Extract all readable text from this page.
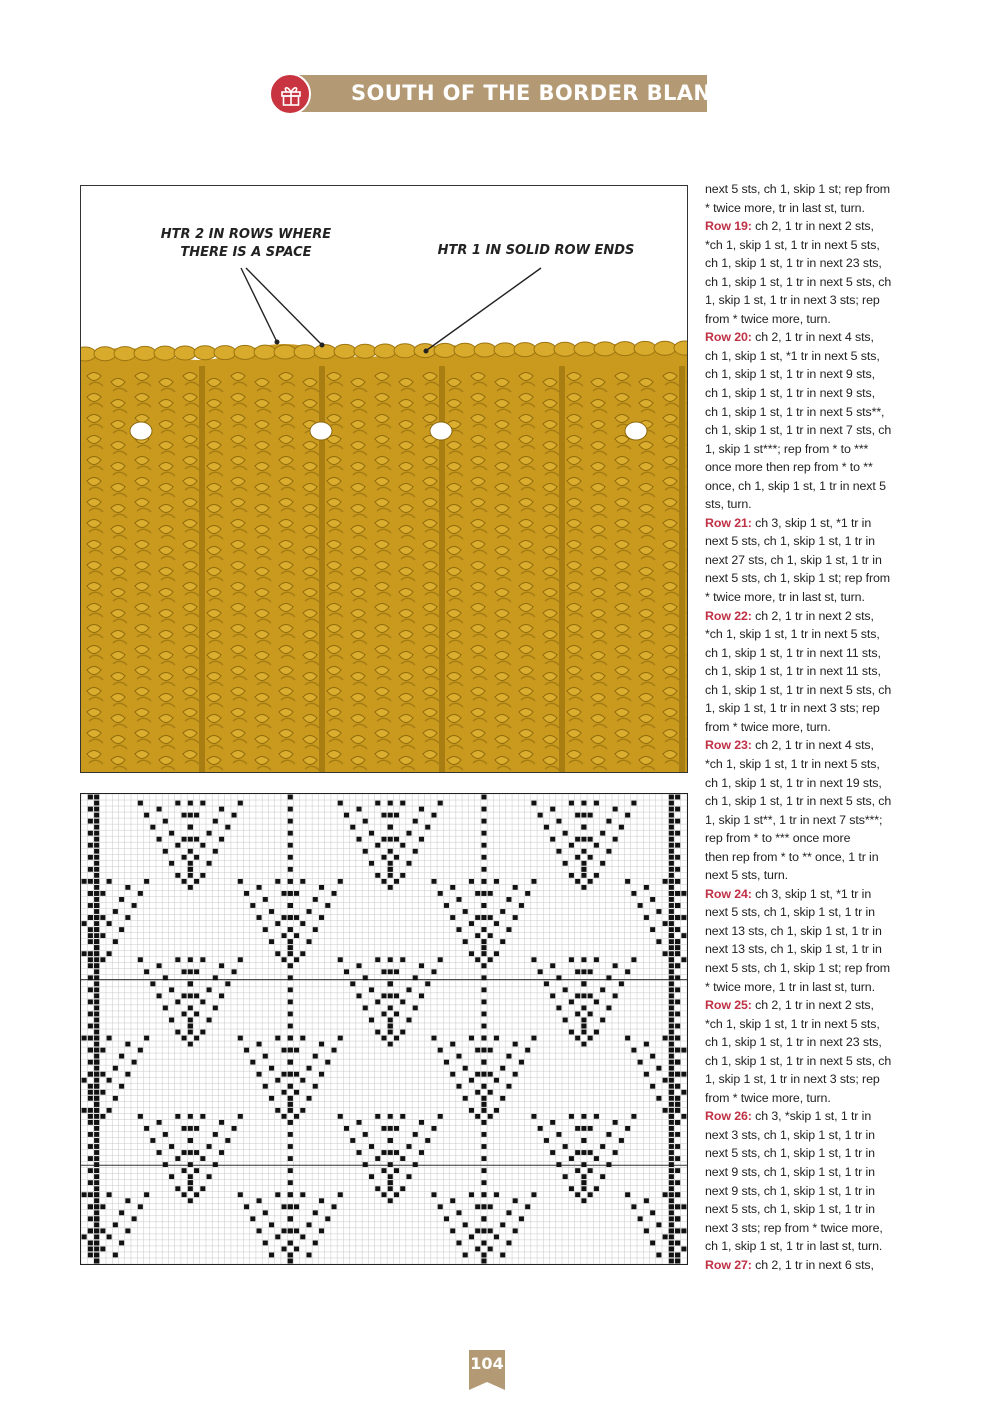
SOUTH OF THE BORDER BLANKET
HTR 2 IN ROWS WHERE
THERE IS A SPACE	HTR 1 IN SOLID ROW ENDS
next 5 sts, ch 1, skip 1 st; rep from
* twice more, tr in last st, turn.
Row 19: ch 2, 1 tr in next 2 sts,
*ch 1, skip 1 st, 1 tr in next 5 sts,
ch 1, skip 1 st, 1 tr in next 23 sts,
ch 1, skip 1 st, 1 tr in next 5 sts, ch
1, skip 1 st, 1 tr in next 3 sts; rep
from * twice more, turn.
Row 20: ch 2, 1 tr in next 4 sts,
ch 1, skip 1 st, *1 tr in next 5 sts,
ch 1, skip 1 st, 1 tr in next 9 sts,
ch 1, skip 1 st, 1 tr in next 9 sts,
ch 1, skip 1 st, 1 tr in next 5 sts**,
ch 1, skip 1 st, 1 tr in next 7 sts, ch
1, skip 1 st***; rep from * to ***
once more then rep from * to **
once, ch 1, skip 1 st, 1 tr in next 5
sts, turn.
Row 21: ch 3, skip 1 st, *1 tr in
next 5 sts, ch 1, skip 1 st, 1 tr in
next 27 sts, ch 1, skip 1 st, 1 tr in
next 5 sts, ch 1, skip 1 st; rep from
* twice more, tr in last st, turn.
Row 22: ch 2, 1 tr in next 2 sts,
*ch 1, skip 1 st, 1 tr in next 5 sts,
ch 1, skip 1 st, 1 tr in next 11 sts,
ch 1, skip 1 st, 1 tr in next 11 sts,
ch 1, skip 1 st, 1 tr in next 5 sts, ch
1, skip 1 st, 1 tr in next 3 sts; rep
from * twice more, turn.
Row 23: ch 2, 1 tr in next 4 sts,
*ch 1, skip 1 st, 1 tr in next 5 sts,
ch 1, skip 1 st, 1 tr in next 19 sts,
ch 1, skip 1 st, 1 tr in next 5 sts, ch
1, skip 1 st**, 1 tr in next 7 sts***;
rep from * to *** once more
then rep from * to ** once, 1 tr in
next 5 sts, turn.
Row 24: ch 3, skip 1 st, *1 tr in
next 5 sts, ch 1, skip 1 st, 1 tr in
next 13 sts, ch 1, skip 1 st, 1 tr in
next 13 sts, ch 1, skip 1 st, 1 tr in
next 5 sts, ch 1, skip 1 st; rep from
* twice more, 1 tr in last st, turn.
Row 25: ch 2, 1 tr in next 2 sts,
*ch 1, skip 1 st, 1 tr in next 5 sts,
ch 1, skip 1 st, 1 tr in next 23 sts,
ch 1, skip 1 st, 1 tr in next 5 sts, ch
1, skip 1 st, 1 tr in next 3 sts; rep
from * twice more, turn.
Row 26: ch 3, *skip 1 st, 1 tr in
next 3 sts, ch 1, skip 1 st, 1 tr in
next 5 sts, ch 1, skip 1 st, 1 tr in
next 9 sts, ch 1, skip 1 st, 1 tr in
next 9 sts, ch 1, skip 1 st, 1 tr in
next 5 sts, ch 1, skip 1 st, 1 tr in
next 3 sts; rep from * twice more,
ch 1, skip 1 st, 1 tr in last st, turn.
Row 27: ch 2, 1 tr in next 6 sts,
104
